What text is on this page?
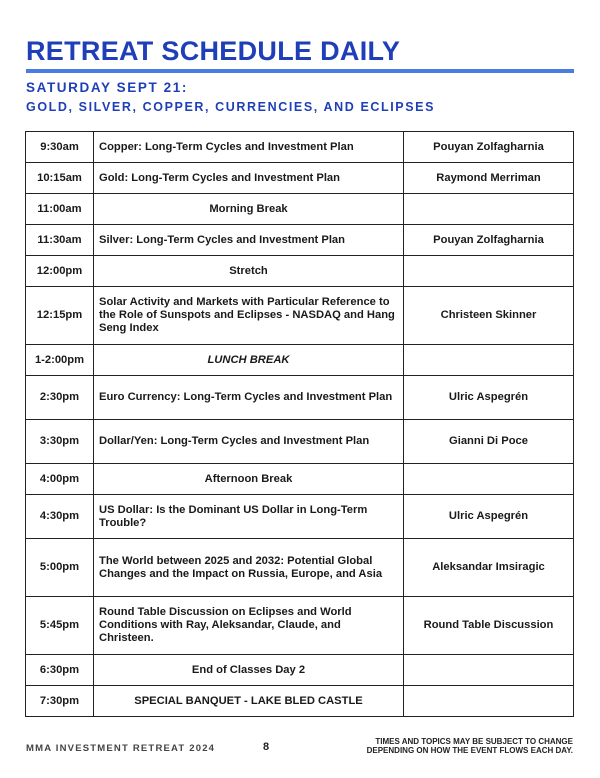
RETREAT SCHEDULE DAILY
SATURDAY SEPT 21:
GOLD, SILVER, COPPER, CURRENCIES, AND ECLIPSES
9:30am	Copper: Long-Term Cycles and Investment Plan	Pouyan Zolfagharnia
10:15am	Gold: Long-Term Cycles and Investment Plan	Raymond Merriman
11:00am	Morning Break	
11:30am	Silver: Long-Term Cycles and Investment Plan	Pouyan Zolfagharnia
12:00pm	Stretch	
12:15pm	Solar Activity and Markets with Particular Reference to the Role of Sunspots and Eclipses - NASDAQ and Hang Seng Index	Christeen Skinner
1-2:00pm	LUNCH BREAK	
2:30pm	Euro Currency: Long-Term Cycles and Investment Plan	Ulric Aspegrén
3:30pm	Dollar/Yen: Long-Term Cycles and Investment Plan	Gianni Di Poce
4:00pm	Afternoon Break	
4:30pm	US Dollar: Is the Dominant US Dollar in Long-Term Trouble?	Ulric Aspegrén
5:00pm	The World between 2025 and 2032: Potential Global Changes and the Impact on Russia, Europe, and Asia	Aleksandar Imsiragic
5:45pm	Round Table Discussion on Eclipses and World Conditions with Ray, Aleksandar, Claude, and Christeen.	Round Table Discussion
6:30pm	End of Classes Day 2	
7:30pm	SPECIAL BANQUET - LAKE BLED CASTLE	
MMA INVESTMENT RETREAT 2024	8	TIMES AND TOPICS MAY BE SUBJECT TO CHANGE
DEPENDING ON HOW THE EVENT FLOWS EACH DAY.
